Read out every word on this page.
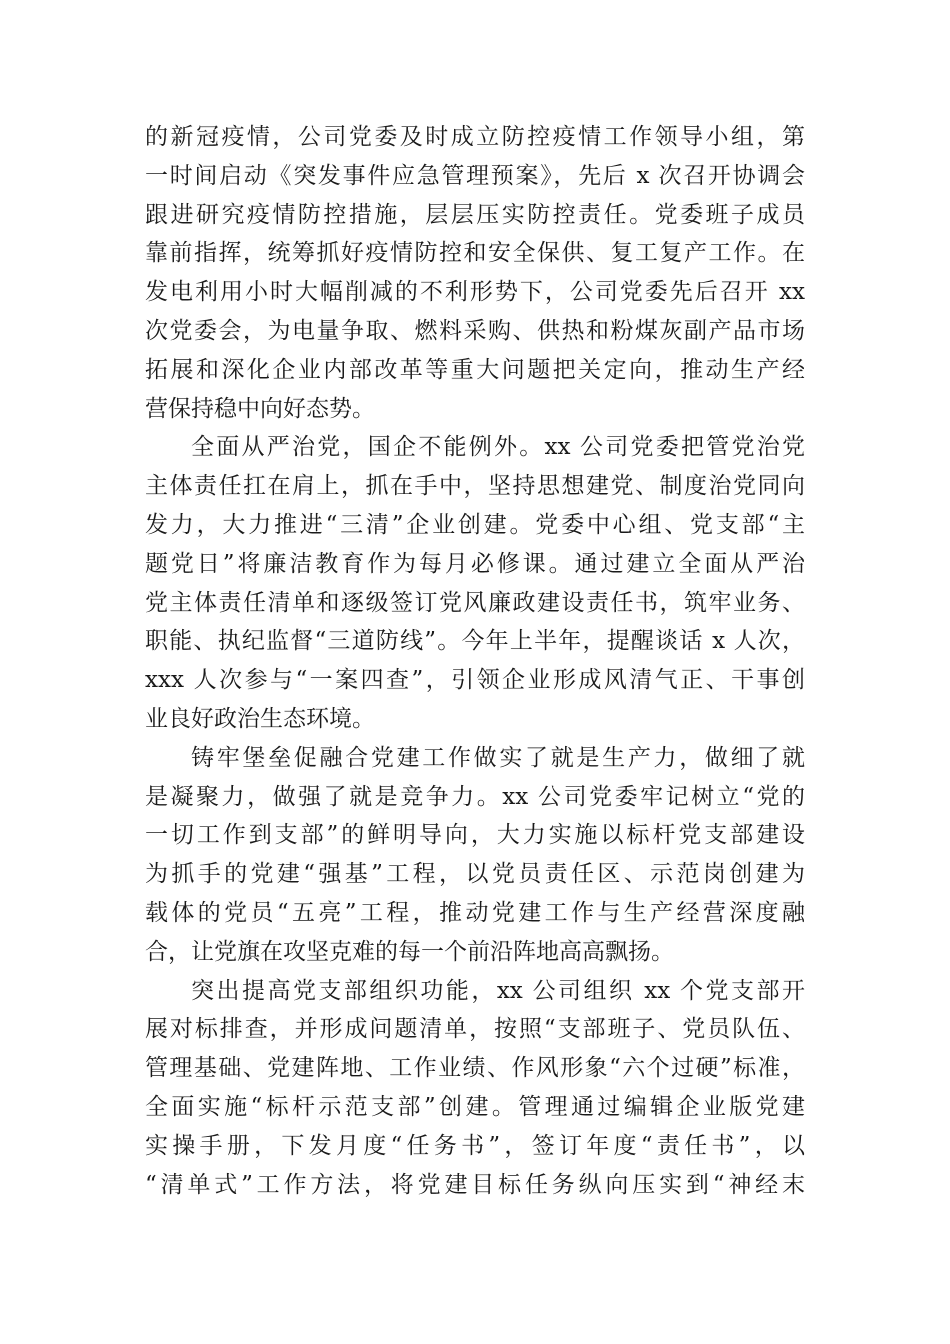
的新冠疫情，公司党委及时成立防控疫情工作领导小组，第
一时间启动《突发事件应急管理预案》，先后 x 次召开协调会
跟进研究疫情防控措施，层层压实防控责任。党委班子成员
靠前指挥，统筹抓好疫情防控和安全保供、复工复产工作。在
发电利用小时大幅削减的不利形势下，公司党委先后召开 xx
次党委会，为电量争取、燃料采购、供热和粉煤灰副产品市场
拓展和深化企业内部改革等重大问题把关定向，推动生产经
营保持稳中向好态势。
全面从严治党，国企不能例外。xx 公司党委把管党治党
主体责任扛在肩上，抓在手中，坚持思想建党、制度治党同向
发力，大力推进“三清”企业创建。党委中心组、党支部“主
题党日”将廉洁教育作为每月必修课。通过建立全面从严治
党主体责任清单和逐级签订党风廉政建设责任书，筑牢业务、
职能、执纪监督“三道防线”。今年上半年，提醒谈话 x 人次，
xxx 人次参与“一案四查”，引领企业形成风清气正、干事创
业良好政治生态环境。
铸牢堡垒促融合党建工作做实了就是生产力，做细了就
是凝聚力，做强了就是竞争力。xx 公司党委牢记树立“党的
一切工作到支部”的鲜明导向，大力实施以标杆党支部建设
为抓手的党建“强基”工程，以党员责任区、示范岗创建为
载体的党员“五亮”工程，推动党建工作与生产经营深度融
合，让党旗在攻坚克难的每一个前沿阵地高高飘扬。
突出提高党支部组织功能，xx 公司组织 xx 个党支部开
展对标排查，并形成问题清单，按照“支部班子、党员队伍、
管理基础、党建阵地、工作业绩、作风形象“六个过硬”标准，
全面实施“标杆示范支部”创建。管理通过编辑企业版党建
实操手册，下发月度“任务书”，签订年度“责任书”，以
“清单式”工作方法，将党建目标任务纵向压实到“神经末
